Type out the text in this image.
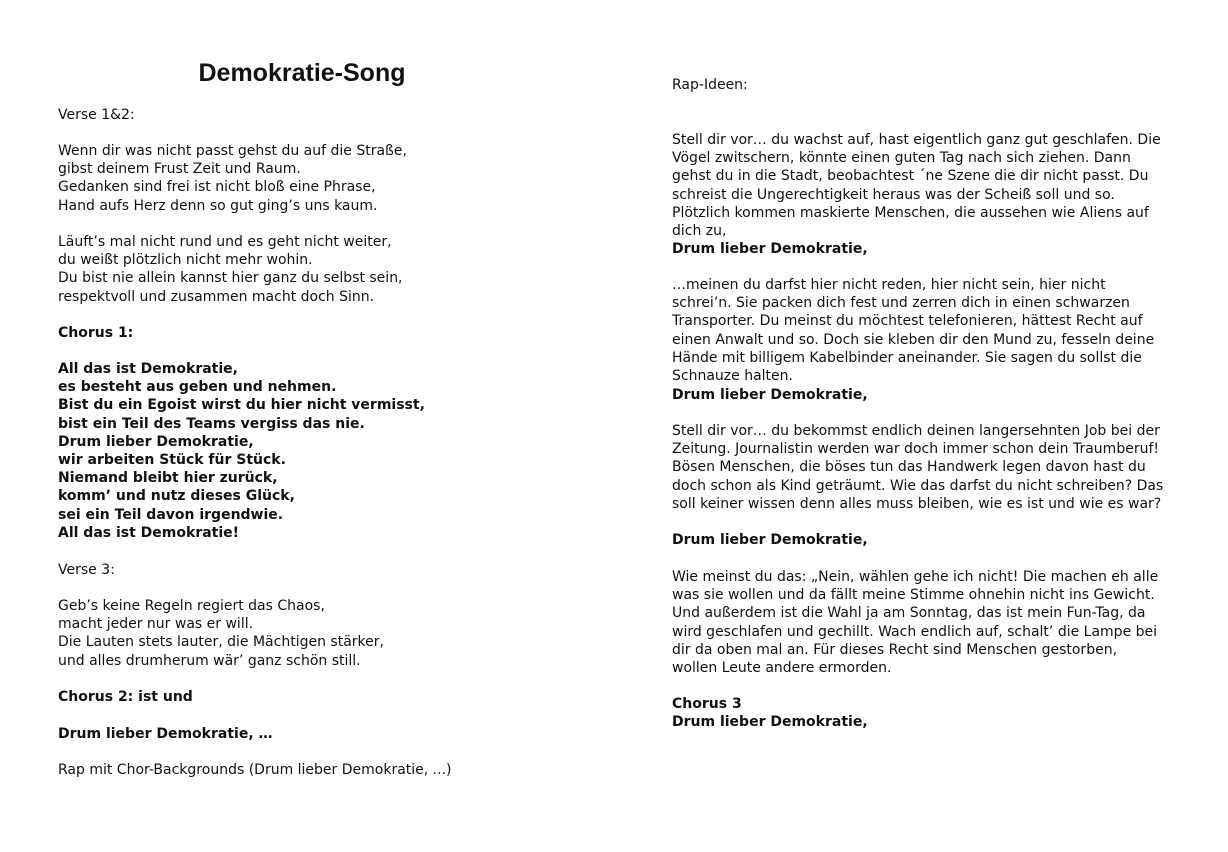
Demokratie-Song
Verse 1&2:
Wenn dir was nicht passt gehst du auf die Straße,
gibst deinem Frust Zeit und Raum.
Gedanken sind frei ist nicht bloß eine Phrase,
Hand aufs Herz denn so gut ging’s uns kaum.
Läuft’s mal nicht rund und es geht nicht weiter,
du weißt plötzlich nicht mehr wohin.
Du bist nie allein kannst hier ganz du selbst sein,
respektvoll und zusammen macht doch Sinn.
Chorus 1:
All das ist Demokratie,
es besteht aus geben und nehmen.
Bist du ein Egoist wirst du hier nicht vermisst,
bist ein Teil des Teams vergiss das nie.
Drum lieber Demokratie,
wir arbeiten Stück für Stück.
Niemand bleibt hier zurück,
komm’ und nutz dieses Glück,
sei ein Teil davon irgendwie.
All das ist Demokratie!
Verse 3:
Geb’s keine Regeln regiert das Chaos,
macht jeder nur was er will.
Die Lauten stets lauter, die Mächtigen stärker,
und alles drumherum wär’ ganz schön still.
Chorus 2: ist und
Drum lieber Demokratie, …
Rap mit Chor-Backgrounds (Drum lieber Demokratie, ...)
Rap-Ideen:
Stell dir vor… du wachst auf, hast eigentlich ganz gut geschlafen. Die Vögel zwitschern, könnte einen guten Tag nach sich ziehen. Dann gehst du in die Stadt, beobachtest ´ne Szene die dir nicht passt. Du schreist die Ungerechtigkeit heraus was der Scheiß soll und so. Plötzlich kommen maskierte Menschen, die aussehen wie Aliens auf dich zu,
Drum lieber Demokratie,
…meinen du darfst hier nicht reden, hier nicht sein, hier nicht schrei’n. Sie packen dich fest und zerren dich in einen schwarzen Transporter. Du meinst du möchtest telefonieren, hättest Recht auf einen Anwalt und so. Doch sie kleben dir den Mund zu, fesseln deine Hände mit billigem Kabelbinder aneinander. Sie sagen du sollst die Schnauze halten.
Drum lieber Demokratie,
Stell dir vor… du bekommst endlich deinen langersehnten Job bei der Zeitung. Journalistin werden war doch immer schon dein Traumberuf! Bösen Menschen, die böses tun das Handwerk legen davon hast du doch schon als Kind geträumt. Wie das darfst du nicht schreiben? Das soll keiner wissen denn alles muss bleiben, wie es ist und wie es war?
Drum lieber Demokratie,
Wie meinst du das: „Nein, wählen gehe ich nicht! Die machen eh alle was sie wollen und da fällt meine Stimme ohnehin nicht ins Gewicht. Und außerdem ist die Wahl ja am Sonntag, das ist mein Fun-Tag, da wird geschlafen und gechillt. Wach endlich auf, schalt’ die Lampe bei dir da oben mal an. Für dieses Recht sind Menschen gestorben, wollen Leute andere ermorden.
Chorus 3
Drum lieber Demokratie,
